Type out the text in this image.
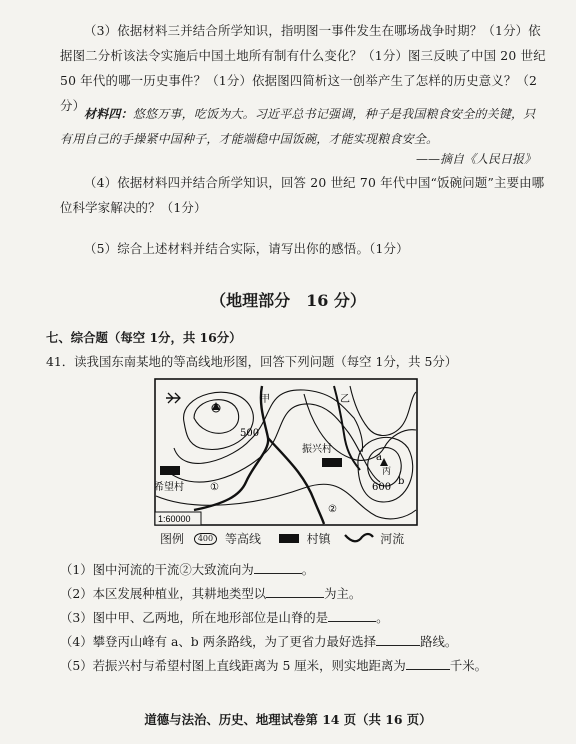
（3）依据材料三并结合所学知识，指明图一事件发生在哪场战争时期？（1分）依据图二分析该法令实施后中国土地所有制有什么变化？（1分）图三反映了中国 20 世纪 50 年代的哪一历史事件？（1分）依据图四简析这一创举产生了怎样的历史意义？（2分）
材料四：悠悠万事，吃饭为大。习近平总书记强调，种子是我国粮食安全的关键，只有用自己的手操紧中国种子，才能端稳中国饭碗，才能实现粮食安全。
——摘自《人民日报》
（4）依据材料四并结合所学知识，回答 20 世纪 70 年代中国“饭碗问题”主要由哪位科学家解决的？（1分）
（5）综合上述材料并结合实际，请写出你的感悟。（1分）
（地理部分　16 分）
七、综合题（每空 1分，共 16分）
41．读我国东南某地的等高线地形图，回答下列问题（每空 1分，共 5分）
甲	乙
500
600
a
b
丙
①
②
振兴村
希望村
1:60000
图例 400 等高线	村镇	河流
（1）图中河流的干流②大致流向为	。
（2）本区发展种植业，其耕地类型以	为主。
（3）图中甲、乙两地，所在地形部位是山脊的是	。
（4）攀登丙山峰有 a、b 两条路线，为了更省力最好选择	路线。
（5）若振兴村与希望村图上直线距离为 5 厘米，则实地距离为	千米。
道德与法治、历史、地理试卷第 14 页（共 16 页）
